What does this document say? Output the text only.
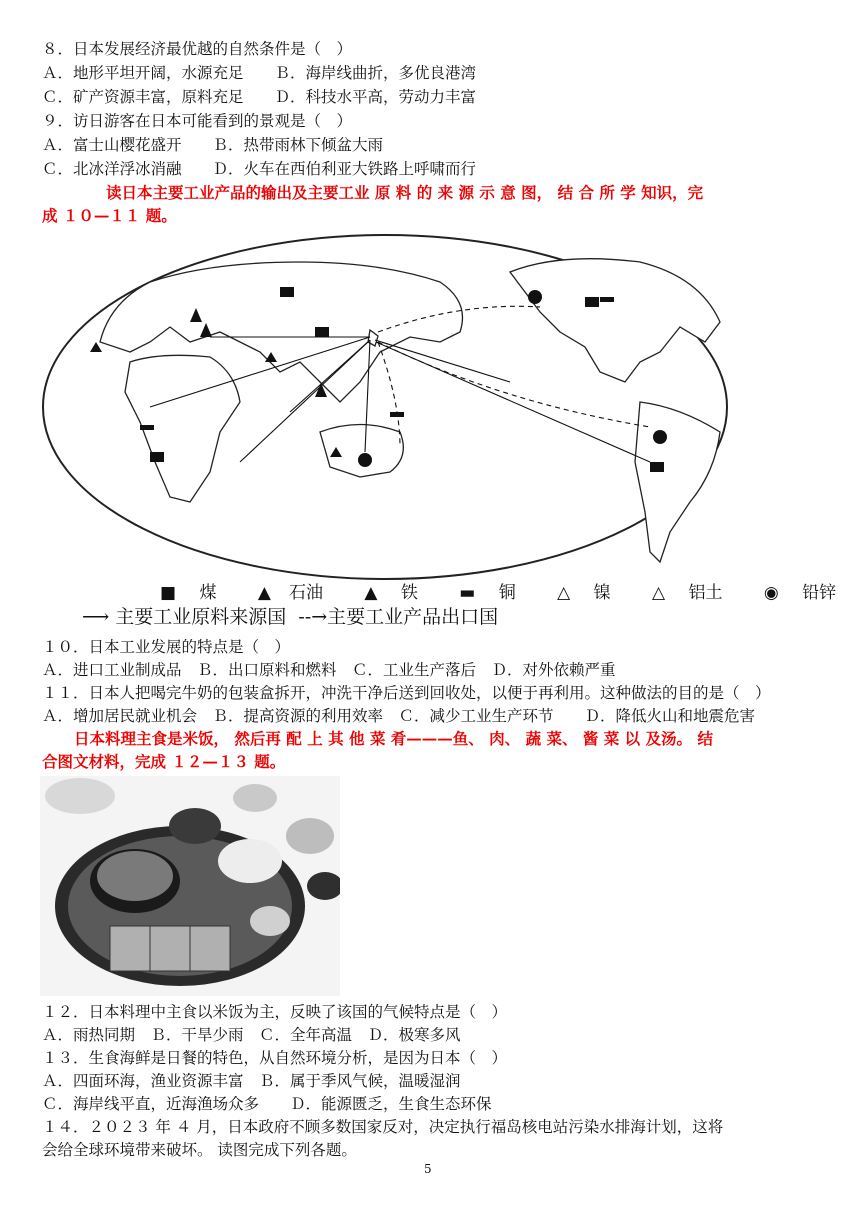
８．日本发展经济最优越的自然条件是（　）
Ａ．地形平坦开阔，水源充足　　Ｂ．海岸线曲折，多优良港湾
Ｃ．矿产资源丰富，原料充足　　Ｄ．科技水平高，劳动力丰富
９．访日游客在日本可能看到的景观是（　）
Ａ．富士山樱花盛开　　Ｂ．热带雨林下倾盆大雨
Ｃ．北冰洋浮冰消融　　Ｄ．火车在西伯利亚大铁路上呼啸而行
读日本主要工业产品的输出及主要工业 原 料 的 来 源 示 意 图， 结 合 所 学 知识，完
成 １０—１１ 题。
■ 煤 ▲ 石油 ▲ 铁 ▬ 铜 △ 镍 △ 铝土 ◉ 铅锌
⟶ 主要工业原料来源国 --→主要工业产品出口国
１０．日本工业发展的特点是（　）
Ａ．进口工业制成品　Ｂ．出口原料和燃料　Ｃ．工业生产落后　Ｄ．对外依赖严重
１１．日本人把喝完牛奶的包装盒拆开，冲洗干净后送到回收处，以便于再利用。这种做法的目的是（　）
Ａ．增加居民就业机会　Ｂ．提高资源的利用效率　Ｃ．减少工业生产环节　　Ｄ．降低火山和地震危害
日本料理主食是米饭， 然后再 配 上 其 他 菜 肴———鱼、 肉、 蔬 菜、 酱 菜 以 及汤。 结
合图文材料，完成 １２—１３ 题。
１２．日本料理中主食以米饭为主，反映了该国的气候特点是（　）
Ａ．雨热同期　Ｂ．干旱少雨　Ｃ．全年高温　Ｄ．极寒多风
１３．生食海鲜是日餐的特色，从自然环境分析，是因为日本（　）
Ａ．四面环海，渔业资源丰富　Ｂ．属于季风气候，温暖湿润
Ｃ．海岸线平直，近海渔场众多　　Ｄ．能源匮乏，生食生态环保
１４．２０２３ 年 ４ 月，日本政府不顾多数国家反对，决定执行福岛核电站污染水排海计划，这将
会给全球环境带来破坏。 读图完成下列各题。
5
